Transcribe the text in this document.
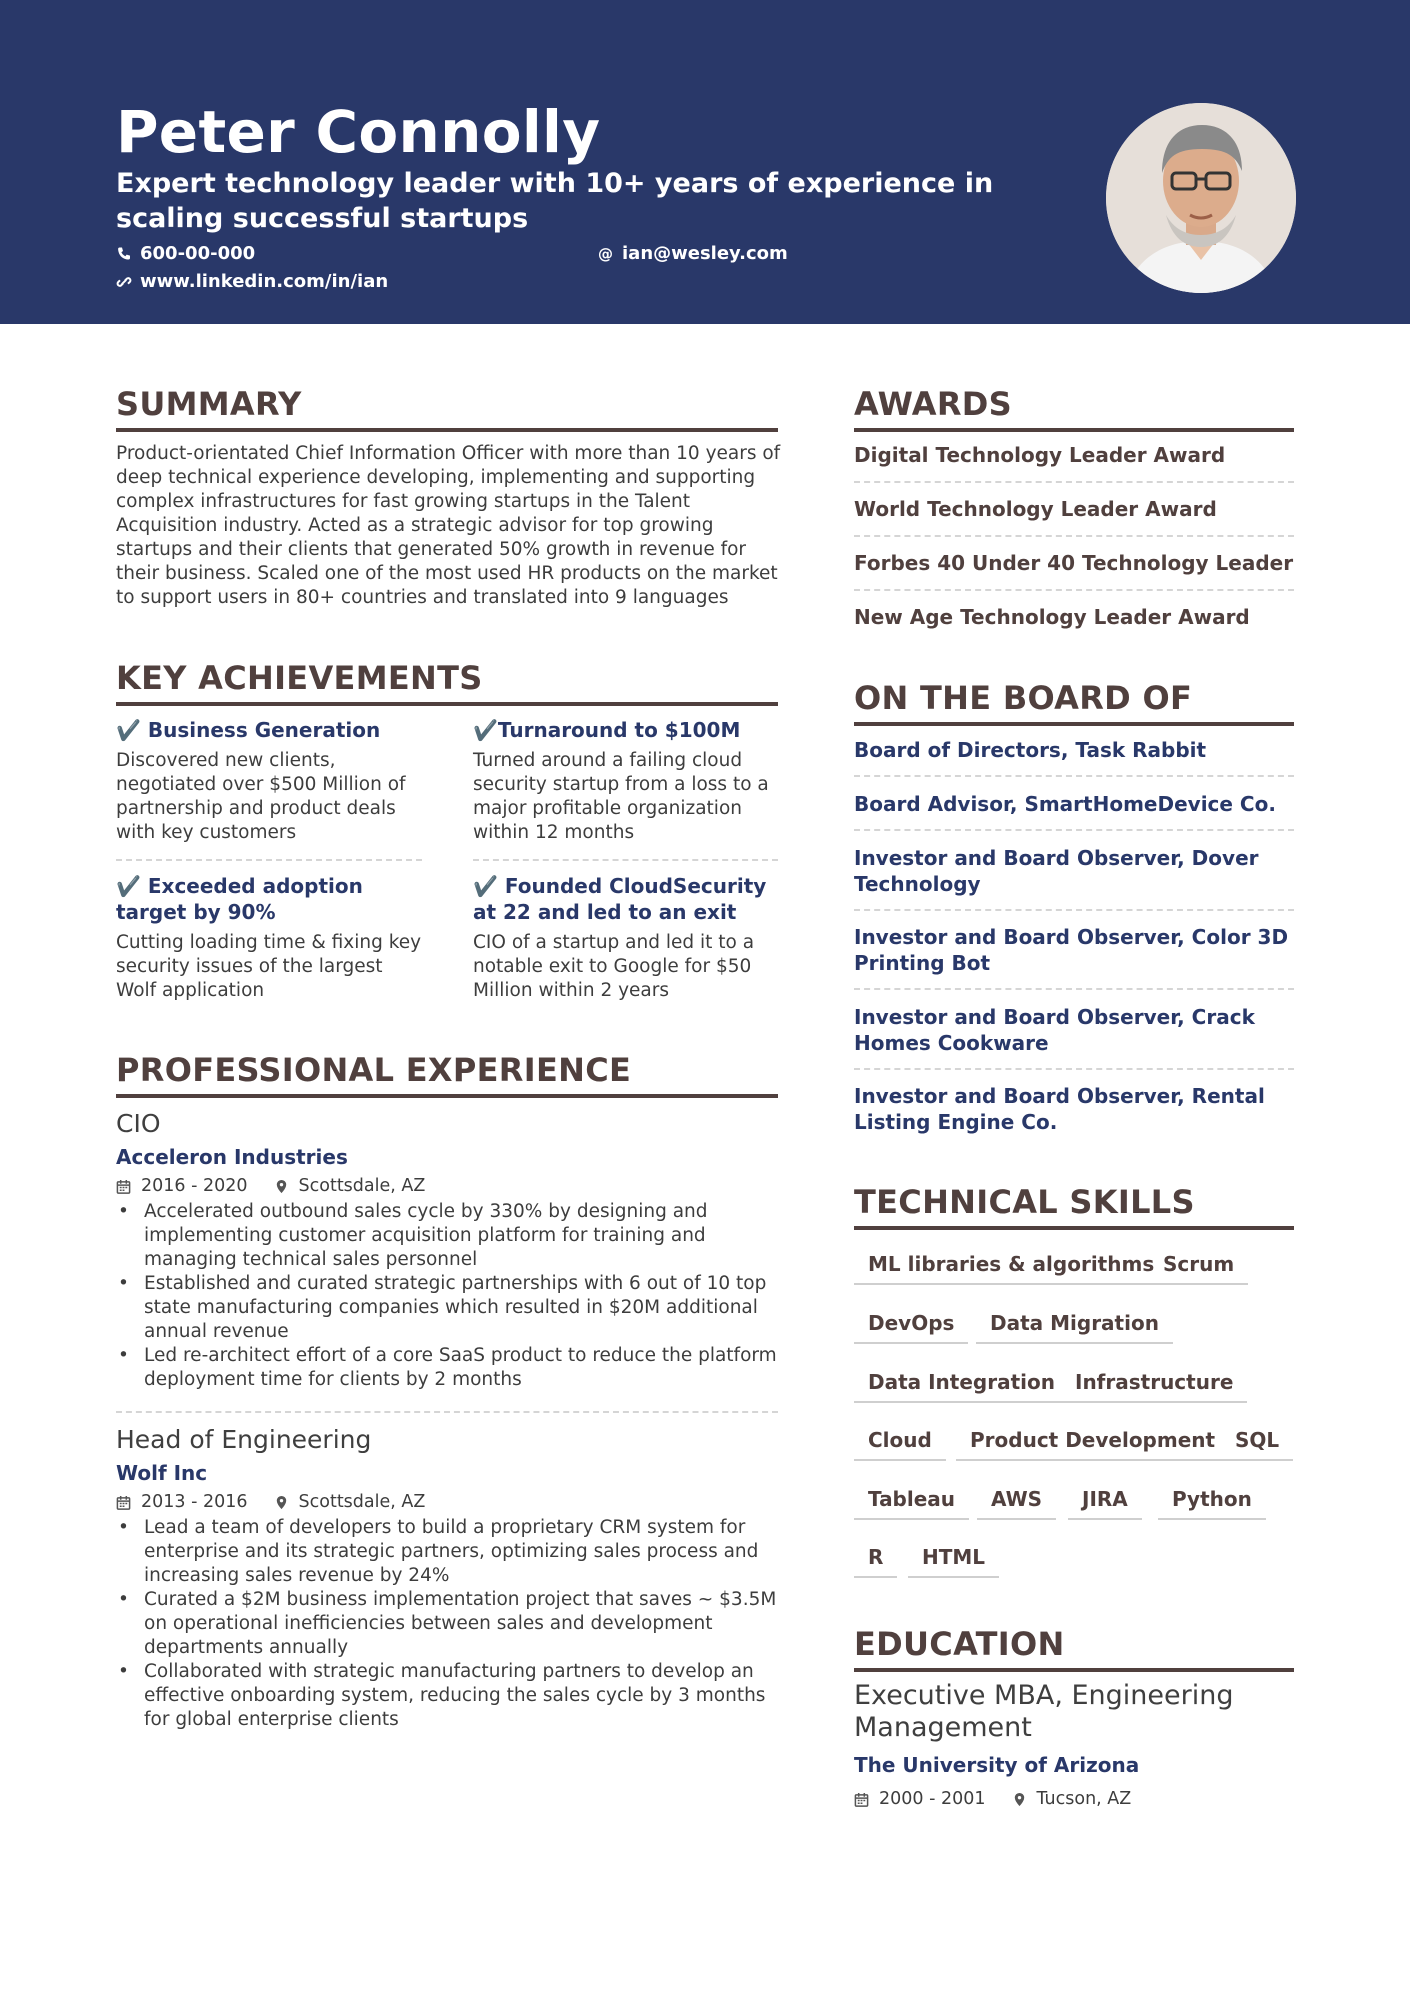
Peter Connolly
Expert technology leader with 10+ years of experience in scaling successful startups
600-00-000	@ ian@wesley.com
www.linkedin.com/in/ian
SUMMARY
Product-orientated Chief Information Officer with more than 10 years of deep technical experience developing, implementing and supporting complex infrastructures for fast growing startups in the Talent Acquisition industry. Acted as a strategic advisor for top growing startups and their clients that generated 50% growth in revenue for their business. Scaled one of the most used HR products on the market to support users in 80+ countries and translated into 9 languages
KEY ACHIEVEMENTS
✔️ Business Generation
Discovered new clients, negotiated over $500 Million of partnership and product deals with key customers
✔️Turnaround to $100M
Turned around a failing cloud security startup from a loss to a major profitable organization within 12 months
✔️ Exceeded adoption target by 90%
Cutting loading time & fixing key security issues of the largest Wolf application
✔️ Founded CloudSecurity at 22 and led to an exit
CIO of a startup and led it to a notable exit to Google for $50 Million within 2 years
PROFESSIONAL EXPERIENCE
CIO
Acceleron Industries
2016 - 2020	Scottsdale, AZ
• Accelerated outbound sales cycle by 330% by designing and implementing customer acquisition platform for training and managing technical sales personnel
• Established and curated strategic partnerships with 6 out of 10 top state manufacturing companies which resulted in $20M additional annual revenue
• Led re-architect effort of a core SaaS product to reduce the platform deployment time for clients by 2 months
Head of Engineering
Wolf Inc
2013 - 2016	Scottsdale, AZ
• Lead a team of developers to build a proprietary CRM system for enterprise and its strategic partners, optimizing sales process and increasing sales revenue by 24%
• Curated a $2M business implementation project that saves ~ $3.5M on operational inefficiencies between sales and development departments annually
• Collaborated with strategic manufacturing partners to develop an effective onboarding system, reducing the sales cycle by 3 months for global enterprise clients
AWARDS
Digital Technology Leader Award
World Technology Leader Award
Forbes 40 Under 40 Technology Leader
New Age Technology Leader Award
ON THE BOARD OF
Board of Directors, Task Rabbit
Board Advisor, SmartHomeDevice Co.
Investor and Board Observer, Dover Technology
Investor and Board Observer, Color 3D Printing Bot
Investor and Board Observer, Crack Homes Cookware
Investor and Board Observer, Rental Listing Engine Co.
TECHNICAL SKILLS
ML libraries & algorithms Scrum
DevOps	Data Migration
Data Integration	Infrastructure
Cloud	Product Development SQL
Tableau	AWS	JIRA	Python
R	HTML
EDUCATION
Executive MBA, Engineering Management
The University of Arizona
2000 - 2001	Tucson, AZ
